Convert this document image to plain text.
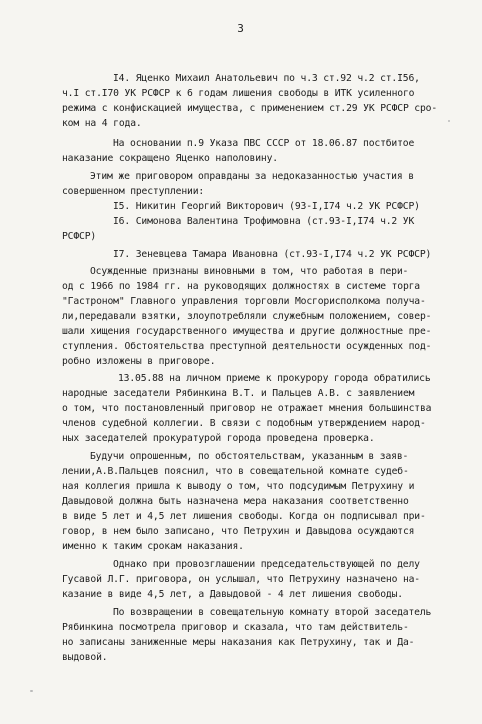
3
I4. Яценко Михаил Анатольевич по ч.3 ст.92 ч.2 ст.I56,
ч.I ст.I70 УК РСФСР к 6 годам лишения свободы в ИТК усиленного
режима с конфискацией имущества, с применением ст.29 УК РСФСР сро-
ком на 4 года.
На основании п.9 Указа ПВС СССР от 18.06.87 постбитое
наказание сокращено Яценко наполовину.
Этим же приговором оправданы за недоказанностью участия в
совершенном преступлении:
I5. Никитин Георгий Викторович (93-I,I74 ч.2 УК РСФСР)
I6. Симонова Валентина Трофимовна (ст.93-I,I74 ч.2 УК
РСФСР)
I7. Зеневцева Тамара Ивановна (ст.93-I,I74 ч.2 УК РСФСР)
Осужденные признаны виновными в том, что работая в пери-
од с 1966 по 1984 гг. на руководящих должностях в системе торга
"Гастроном" Главного управления торговли Мосгорисполкома получа-
ли,передавали взятки, злоупотребляли служебным положением, совер-
шали хищения государственного имущества и другие должностные пре-
ступления. Обстоятельства преступной деятельности осужденных под-
робно изложены в приговоре.
13.05.88 на личном приеме к прокурору города обратились
народные заседатели Рябинкина В.Т. и Пальцев А.В. с заявлением
о том, что постановленный приговор не отражает мнения большинства
членов судебной коллегии. В связи с подобным утверждением народ-
ных заседателей прокуратурой города проведена проверка.
Будучи опрошенным, по обстоятельствам, указанным в заяв-
лении,А.В.Пальцев пояснил, что в совещательной комнате судеб-
ная коллегия пришла к выводу о том, что подсудимым Петрухину и
Давыдовой должна быть назначена мера наказания соответственно
в виде 5 лет и 4,5 лет лишения свободы. Когда он подписывал при-
говор, в нем было записано, что Петрухин и Давыдова осуждаются
именно к таким срокам наказания.
Однако при провозглашении председательствующей по делу
Гусавой Л.Г. приговора, он услышал, что Петрухину назначено на-
казание в виде 4,5 лет, а Давыдовой - 4 лет лишения свободы.
По возвращении в совещательную комнату второй заседатель
Рябинкина посмотрела приговор и сказала, что там действитель-
но записаны заниженные меры наказания как Петрухину, так и Да-
выдовой.
